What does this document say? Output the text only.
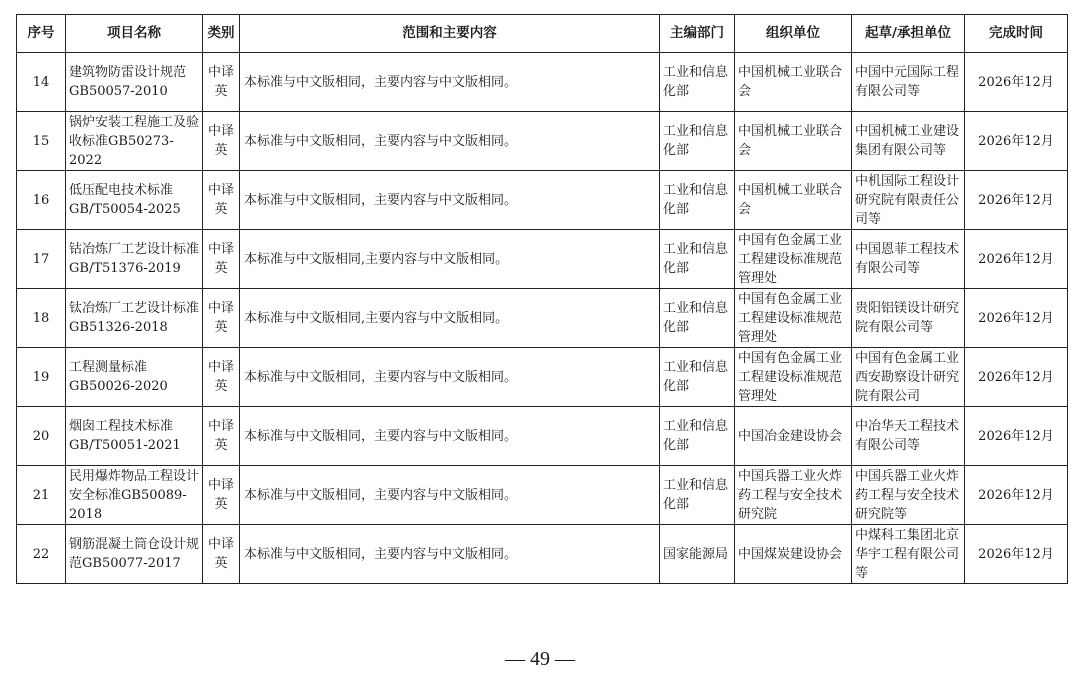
序号	项目名称	类别	范围和主要内容	主编部门	组织单位	起草/承担单位	完成时间
14	建筑物防雷设计规范GB50057-2010	中译英	本标准与中文版相同，主要内容与中文版相同。	工业和信息化部	中国机械工业联合会	中国中元国际工程有限公司等	2026年12月
15	锅炉安装工程施工及验收标准GB50273-2022	中译英	本标准与中文版相同，主要内容与中文版相同。	工业和信息化部	中国机械工业联合会	中国机械工业建设集团有限公司等	2026年12月
16	低压配电技术标准GB/T50054-2025	中译英	本标准与中文版相同，主要内容与中文版相同。	工业和信息化部	中国机械工业联合会	中机国际工程设计研究院有限责任公司等	2026年12月
17	钴冶炼厂工艺设计标准GB/T51376-2019	中译英	本标准与中文版相同,主要内容与中文版相同。	工业和信息化部	中国有色金属工业工程建设标准规范管理处	中国恩菲工程技术有限公司等	2026年12月
18	钛冶炼厂工艺设计标准GB51326-2018	中译英	本标准与中文版相同,主要内容与中文版相同。	工业和信息化部	中国有色金属工业工程建设标准规范管理处	贵阳铝镁设计研究院有限公司等	2026年12月
19	工程测量标准GB50026-2020	中译英	本标准与中文版相同，主要内容与中文版相同。	工业和信息化部	中国有色金属工业工程建设标准规范管理处	中国有色金属工业西安勘察设计研究院有限公司	2026年12月
20	烟囱工程技术标准GB/T50051-2021	中译英	本标准与中文版相同，主要内容与中文版相同。	工业和信息化部	中国冶金建设协会	中冶华天工程技术有限公司等	2026年12月
21	民用爆炸物品工程设计安全标准GB50089-2018	中译英	本标准与中文版相同，主要内容与中文版相同。	工业和信息化部	中国兵器工业火炸药工程与安全技术研究院	中国兵器工业火炸药工程与安全技术研究院等	2026年12月
22	钢筋混凝土筒仓设计规范GB50077-2017	中译英	本标准与中文版相同，主要内容与中文版相同。	国家能源局	中国煤炭建设协会	中煤科工集团北京华宇工程有限公司等	2026年12月
— 49 —
